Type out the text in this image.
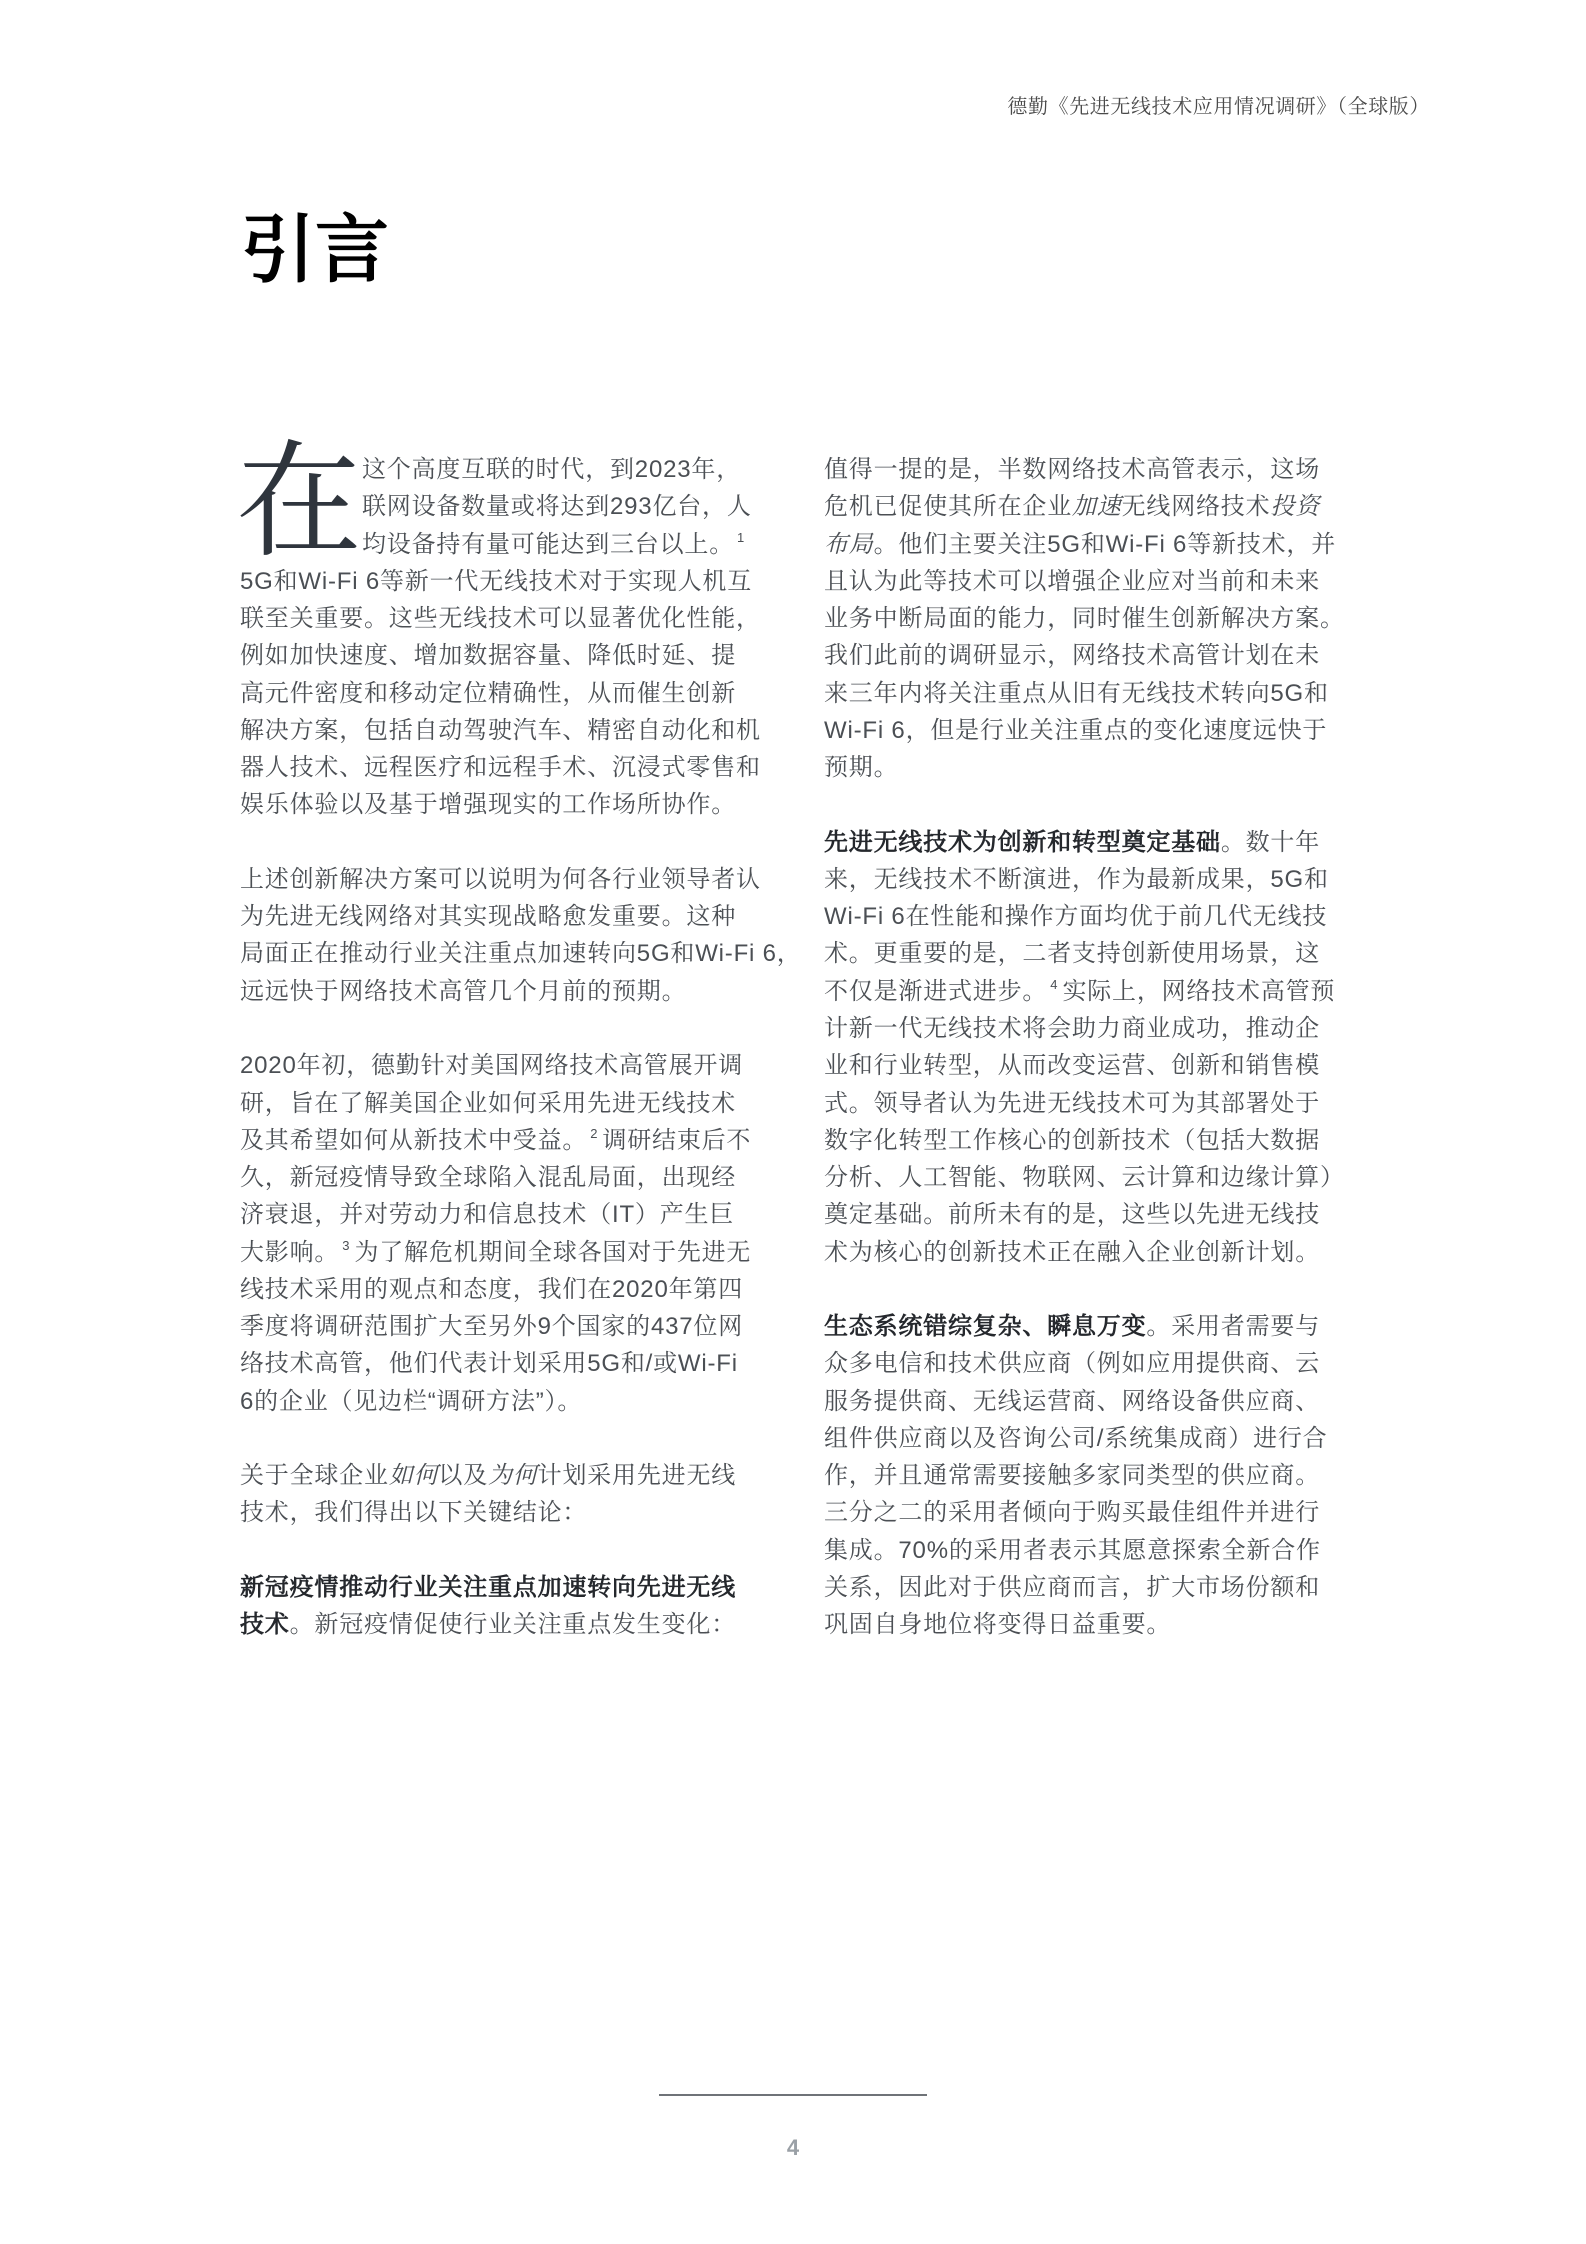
德勤《先进无线技术应用情况调研》（全球版）
引言
在 这个高度互联的时代，到2023年，
联网设备数量或将达到293亿台，人
均设备持有量可能达到三台以上。 $^1$
5G和Wi-Fi 6等新一代无线技术对于实现人机互
联至关重要。这些无线技术可以显著优化性能，
例如加快速度、增加数据容量、降低时延、提
高元件密度和移动定位精确性，从而催生创新
解决方案，包括自动驾驶汽车、精密自动化和机
器人技术、远程医疗和远程手术、沉浸式零售和
娱乐体验以及基于增强现实的工作场所协作。
上述创新解决方案可以说明为何各行业领导者认
为先进无线网络对其实现战略愈发重要。这种
局面正在推动行业关注重点加速转向5G和Wi-Fi 6，
远远快于网络技术高管几个月前的预期。
2020年初，德勤针对美国网络技术高管展开调
研，旨在了解美国企业如何采用先进无线技术
及其希望如何从新技术中受益。 $^2$ 调研结束后不
久，新冠疫情导致全球陷入混乱局面，出现经
济衰退，并对劳动力和信息技术（IT）产生巨
大影响。 $^3$ 为了解危机期间全球各国对于先进无
线技术采用的观点和态度，我们在2020年第四
季度将调研范围扩大至另外9个国家的437位网
络技术高管，他们代表计划采用5G和/或Wi-Fi
6的企业（见边栏“调研方法”）。
关于全球企业如何以及为何计划采用先进无线
技术，我们得出以下关键结论：
新冠疫情推动行业关注重点加速转向先进无线
技术。新冠疫情促使行业关注重点发生变化：
值得一提的是，半数网络技术高管表示，这场
危机已促使其所在企业加速无线网络技术投资
布局。他们主要关注5G和Wi-Fi 6等新技术，并
且认为此等技术可以增强企业应对当前和未来
业务中断局面的能力，同时催生创新解决方案。
我们此前的调研显示，网络技术高管计划在未
来三年内将关注重点从旧有无线技术转向5G和
Wi-Fi 6，但是行业关注重点的变化速度远快于
预期。
先进无线技术为创新和转型奠定基础。数十年
来，无线技术不断演进，作为最新成果，5G和
Wi-Fi 6在性能和操作方面均优于前几代无线技
术。更重要的是，二者支持创新使用场景，这
不仅是渐进式进步。 $^4$ 实际上，网络技术高管预
计新一代无线技术将会助力商业成功，推动企
业和行业转型，从而改变运营、创新和销售模
式。领导者认为先进无线技术可为其部署处于
数字化转型工作核心的创新技术（包括大数据
分析、人工智能、物联网、云计算和边缘计算）
奠定基础。前所未有的是，这些以先进无线技
术为核心的创新技术正在融入企业创新计划。
生态系统错综复杂、瞬息万变。采用者需要与
众多电信和技术供应商（例如应用提供商、云
服务提供商、无线运营商、网络设备供应商、
组件供应商以及咨询公司/系统集成商）进行合
作，并且通常需要接触多家同类型的供应商。
三分之二的采用者倾向于购买最佳组件并进行
集成。70%的采用者表示其愿意探索全新合作
关系，因此对于供应商而言，扩大市场份额和
巩固自身地位将变得日益重要。
4
